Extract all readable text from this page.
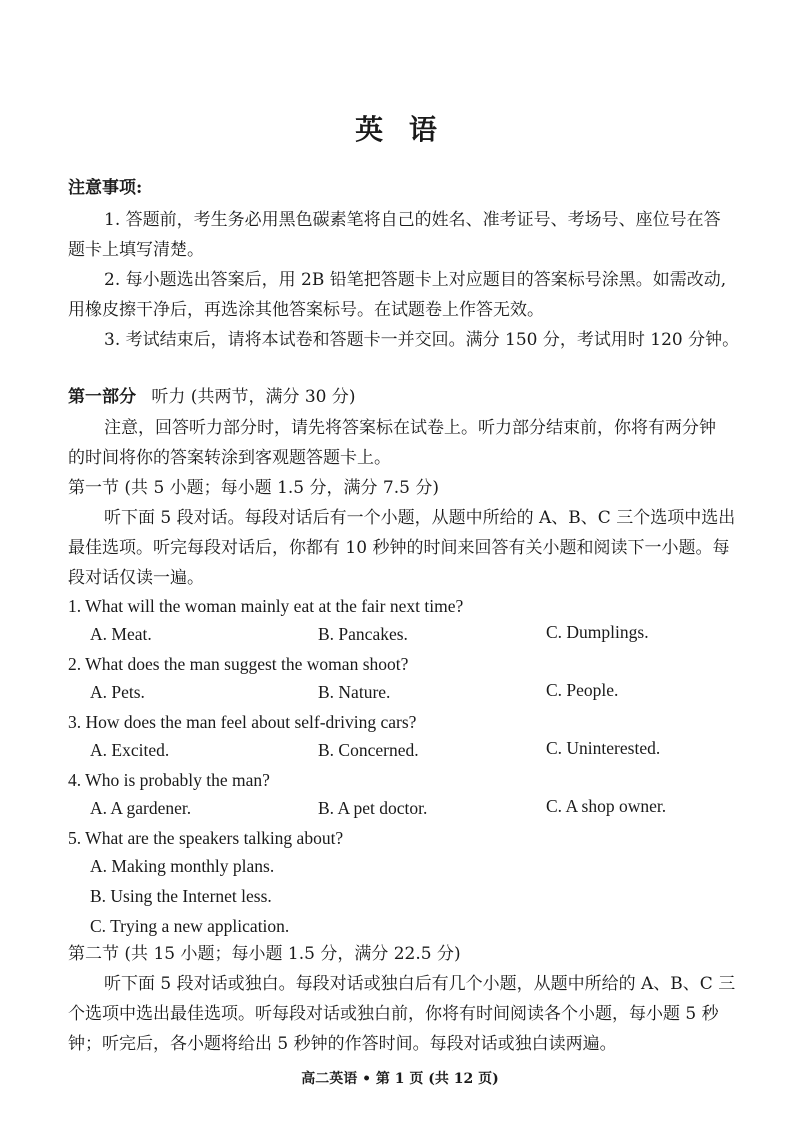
英 语
注意事项:
1. 答题前，考生务必用黑色碳素笔将自己的姓名、准考证号、考场号、座位号在答
题卡上填写清楚。
2. 每小题选出答案后，用 2B 铅笔把答题卡上对应题目的答案标号涂黑。如需改动,
用橡皮擦干净后，再选涂其他答案标号。在试题卷上作答无效。
3. 考试结束后，请将本试卷和答题卡一并交回。满分 150 分，考试用时 120 分钟。
第一部分 听力 (共两节，满分 30 分)
注意，回答听力部分时，请先将答案标在试卷上。听力部分结束前，你将有两分钟
的时间将你的答案转涂到客观题答题卡上。
第一节 (共 5 小题；每小题 1.5 分，满分 7.5 分)
听下面 5 段对话。每段对话后有一个小题，从题中所给的 A、B、C 三个选项中选出
最佳选项。听完每段对话后，你都有 10 秒钟的时间来回答有关小题和阅读下一小题。每
段对话仅读一遍。
1. What will the woman mainly eat at the fair next time?
A. Meat.	B. Pancakes.	C. Dumplings.
2. What does the man suggest the woman shoot?
A. Pets.	B. Nature.	C. People.
3. How does the man feel about self-driving cars?
A. Excited.	B. Concerned.	C. Uninterested.
4. Who is probably the man?
A. A gardener.	B. A pet doctor.	C. A shop owner.
5. What are the speakers talking about?
A. Making monthly plans.
B. Using the Internet less.
C. Trying a new application.
第二节 (共 15 小题；每小题 1.5 分，满分 22.5 分)
听下面 5 段对话或独白。每段对话或独白后有几个小题，从题中所给的 A、B、C 三
个选项中选出最佳选项。听每段对话或独白前，你将有时间阅读各个小题，每小题 5 秒
钟；听完后，各小题将给出 5 秒钟的作答时间。每段对话或独白读两遍。
高二英语 • 第 1 页 (共 12 页)
